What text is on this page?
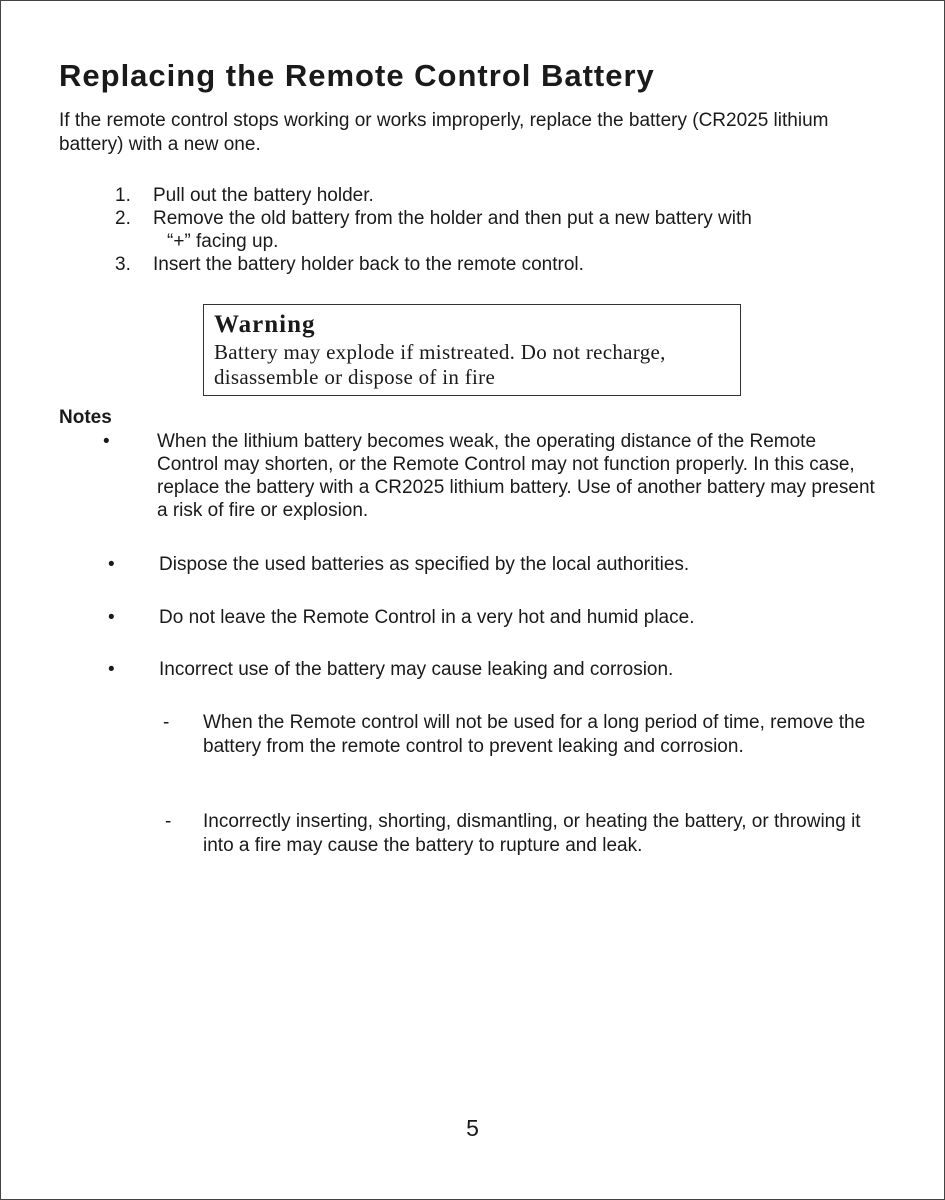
Replacing the Remote Control Battery

If the remote control stops working or works improperly, replace the battery (CR2025 lithium battery) with a new one.

1.	Pull out the battery holder.
2.	Remove the old battery from the holder and then put a new battery with
“+” facing up.
3.	Insert the battery holder back to the remote control.
Warning
Battery may explode if mistreated. Do not recharge, disassemble or dispose of in fire
Notes
• When the lithium battery becomes weak, the operating distance of the Remote Control may shorten, or the Remote Control may not function properly. In this case, replace the battery with a CR2025 lithium battery. Use of another battery may present a risk of fire or explosion.
• Dispose the used batteries as specified by the local authorities.
• Do not leave the Remote Control in a very hot and humid place.
• Incorrect use of the battery may cause leaking and corrosion.
- When the Remote control will not be used for a long period of time, remove the battery from the remote control to prevent leaking and corrosion.
- Incorrectly inserting, shorting, dismantling, or heating the battery, or throwing it into a fire may cause the battery to rupture and leak.
5
